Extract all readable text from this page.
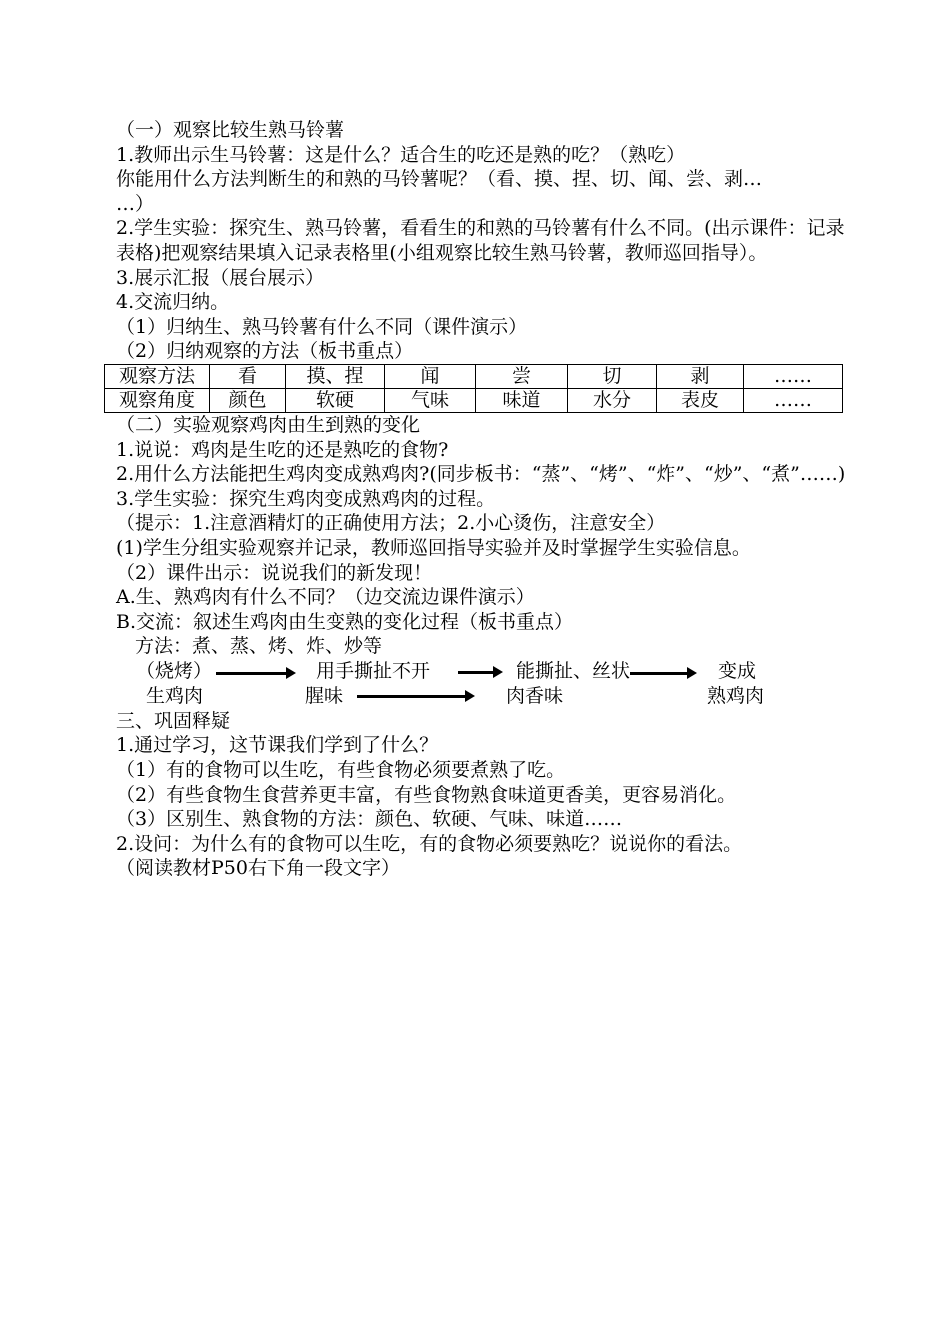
（一）观察比较生熟马铃薯
1.教师出示生马铃薯：这是什么？适合生的吃还是熟的吃？（熟吃）
你能用什么方法判断生的和熟的马铃薯呢？（看、摸、捏、切、闻、尝、剥…
…）
2.学生实验：探究生、熟马铃薯，看看生的和熟的马铃薯有什么不同。(出示课件：记录表格)把观察结果填入记录表格里(小组观察比较生熟马铃薯，教师巡回指导）。
3.展示汇报（展台展示）
4.交流归纳。
（1）归纳生、熟马铃薯有什么不同（课件演示）
（2）归纳观察的方法（板书重点）
观察方法	看	摸、捏	闻	尝	切	剥	……
观察角度	颜色	软硬	气味	味道	水分	表皮	……
（二）实验观察鸡肉由生到熟的变化
1.说说：鸡肉是生吃的还是熟吃的食物?
2.用什么方法能把生鸡肉变成熟鸡肉?(同步板书：“蒸”、“烤”、“炸”、“炒”、“煮”……)
3.学生实验：探究生鸡肉变成熟鸡肉的过程。
（提示：1.注意酒精灯的正确使用方法；2.小心烫伤，注意安全）
(1)学生分组实验观察并记录，教师巡回指导实验并及时掌握学生实验信息。
（2）课件出示：说说我们的新发现！
A.生、熟鸡肉有什么不同？（边交流边课件演示）
B.交流：叙述生鸡肉由生变熟的变化过程（板书重点）
方法：煮、蒸、烤、炸、炒等
（烧烤）
生鸡肉
用手撕扯不开
腥味
能撕扯、丝状
肉香味
变成
熟鸡肉
三、巩固释疑
1.通过学习，这节课我们学到了什么？
（1）有的食物可以生吃，有些食物必须要煮熟了吃。
（2）有些食物生食营养更丰富，有些食物熟食味道更香美，更容易消化。
（3）区别生、熟食物的方法：颜色、软硬、气味、味道……
2.设问：为什么有的食物可以生吃，有的食物必须要熟吃？说说你的看法。
（阅读教材P50右下角一段文字）
